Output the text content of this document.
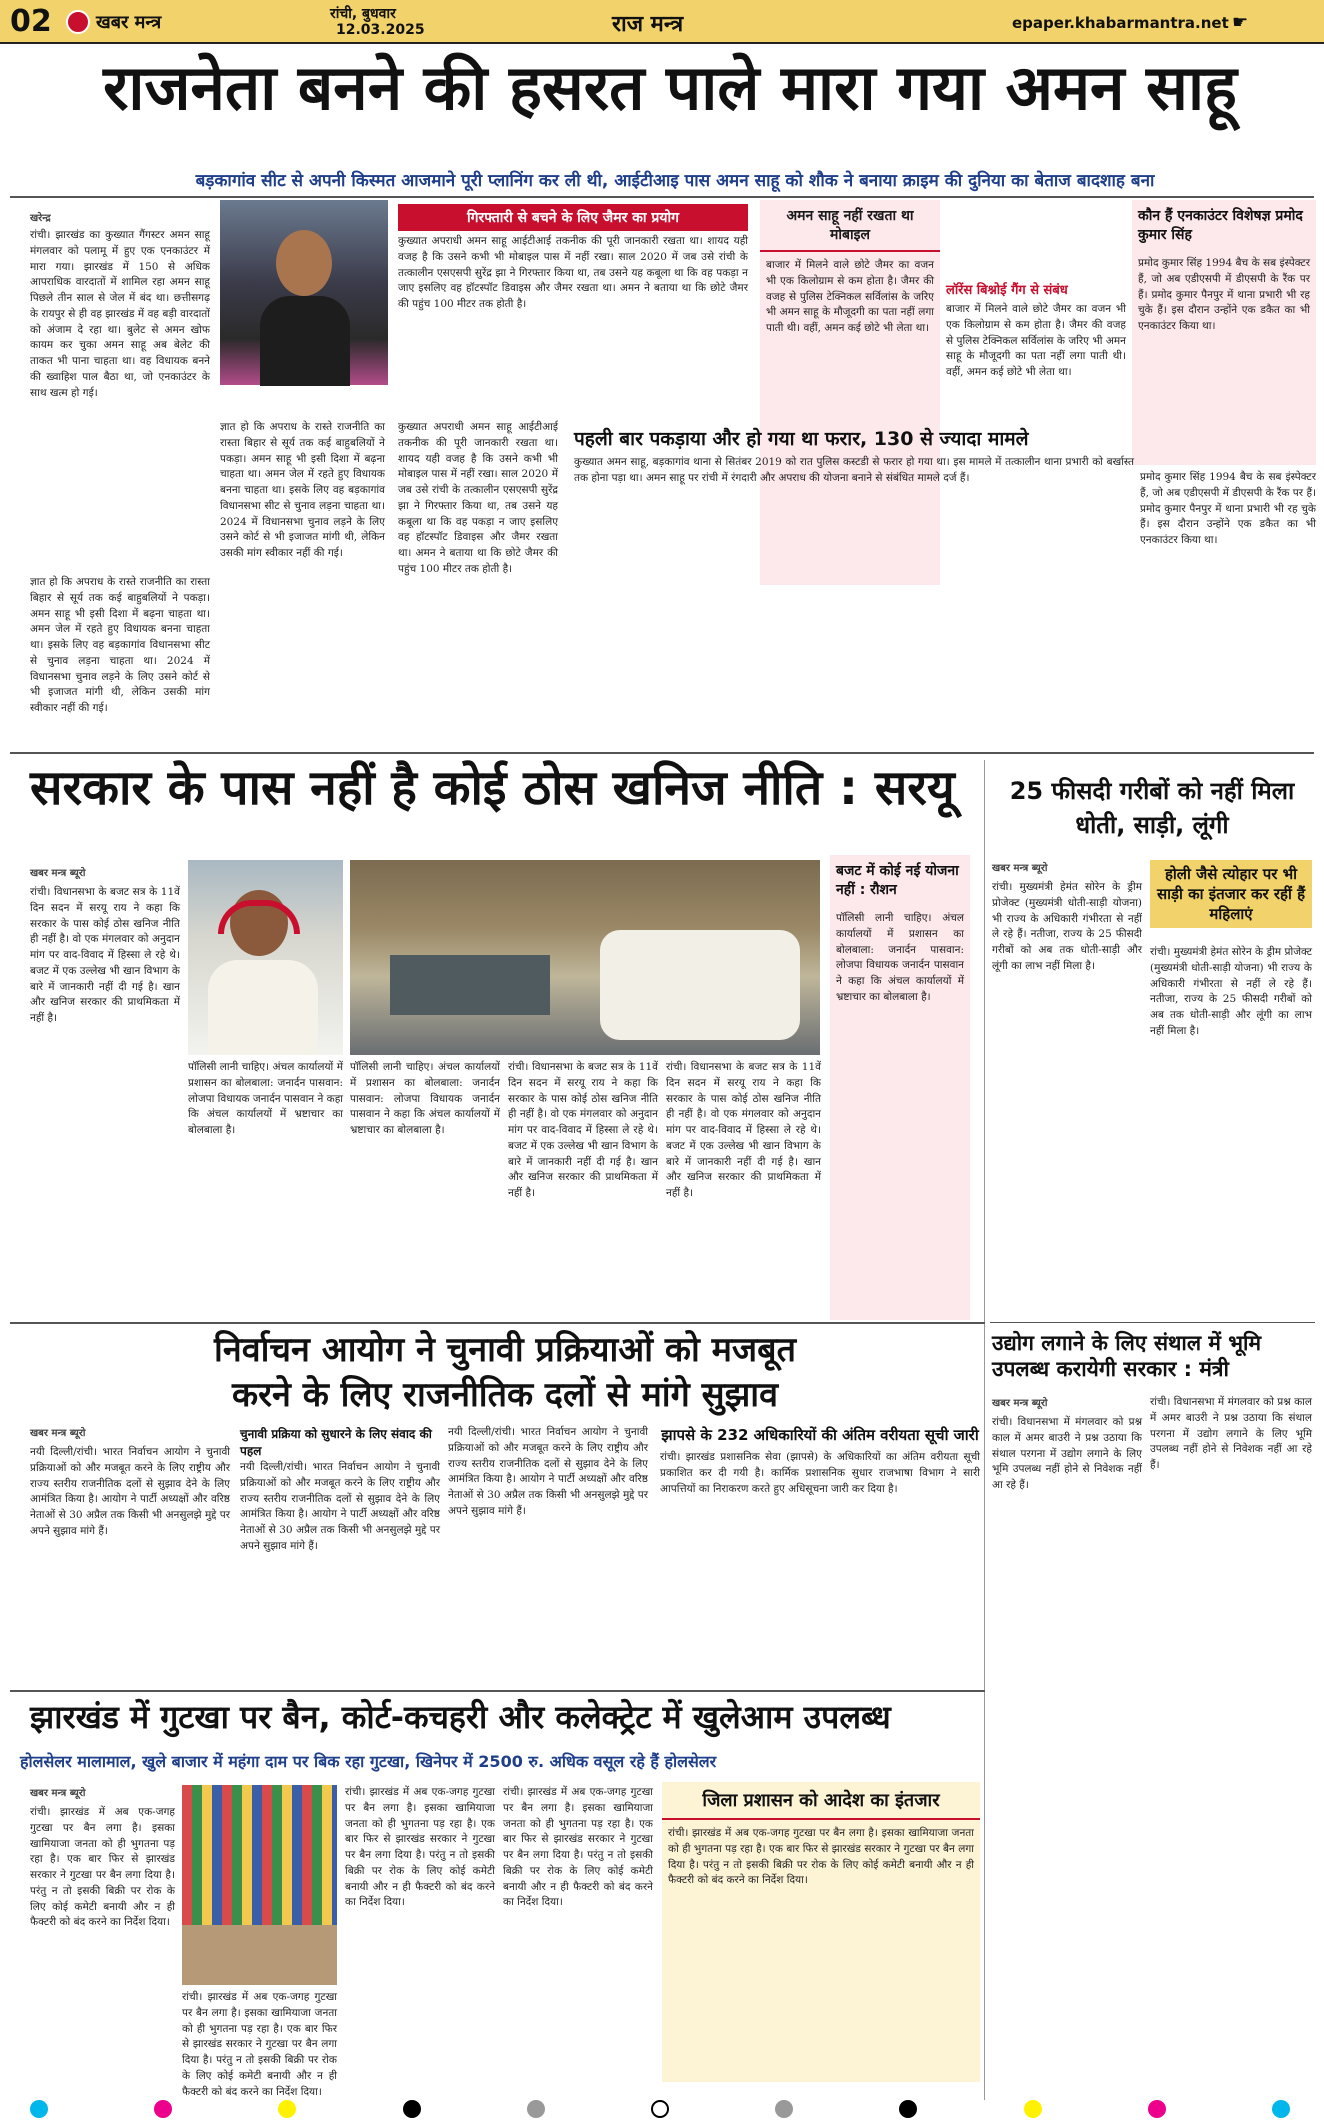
02 खबर मन्त्र	रांची, बुधवार
12.03.2025	राज मन्त्र	epaper.khabarmantra.net ☛
राजनेता बनने की हसरत पाले मारा गया अमन साहू
बड़कागांव सीट से अपनी किस्मत आजमाने पूरी प्लानिंग कर ली थी, आईटीआइ पास अमन साहू को शौक ने बनाया क्राइम की दुनिया का बेताज बादशाह बना
खरेन्द्र
रांची। झारखंड का कुख्यात गैंगस्टर अमन साहू मंगलवार को पलामू में हुए एक एनकाउंटर में मारा गया। झारखंड में 150 से अधिक आपराधिक वारदातों में शामिल रहा अमन साहू पिछले तीन साल से जेल में बंद था। छत्तीसगढ़ के रायपुर से ही वह झारखंड में वह बड़ी वारदातों को अंजाम दे रहा था। बुलेट से अमन खोफ कायम कर चुका अमन साहू अब बेलेट की ताकत भी पाना चाहता था। वह विधायक बनने की ख्वाहिश पाल बैठा था, जो एनकाउंटर के साथ खत्म हो गई।
गिरफ्तारी से बचने के लिए जैमर का प्रयोग
कुख्यात अपराधी अमन साहू आईटीआई तकनीक की पूरी जानकारी रखता था। शायद यही वजह है कि उसने कभी भी मोबाइल पास में नहीं रखा। साल 2020 में जब उसे रांची के तत्कालीन एसएसपी सुरेंद्र झा ने गिरफ्तार किया था, तब उसने यह कबूला था कि वह पकड़ा न जाए इसलिए वह हॉटस्पॉट डिवाइस और जैमर रखता था। अमन ने बताया था कि छोटे जैमर की पहुंच 100 मीटर तक होती है।
अमन साहू नहीं रखता था मोबाइल
बाजार में मिलने वाले छोटे जैमर का वजन भी एक किलोग्राम से कम होता है। जैमर की वजह से पुलिस टेक्निकल सर्विलांस के जरिए भी अमन साहू के मौजूदगी का पता नहीं लगा पाती थी। वहीं, अमन कई छोटे भी लेता था।
लॉरेंस बिश्नोई गैंग से संबंध
बाजार में मिलने वाले छोटे जैमर का वजन भी एक किलोग्राम से कम होता है। जैमर की वजह से पुलिस टेक्निकल सर्विलांस के जरिए भी अमन साहू के मौजूदगी का पता नहीं लगा पाती थी। वहीं, अमन कई छोटे भी लेता था।
कौन हैं एनकाउंटर विशेषज्ञ प्रमोद कुमार सिंह
प्रमोद कुमार सिंह 1994 बैच के सब इंस्पेक्टर हैं, जो अब एडीएसपी में डीएसपी के रैंक पर हैं। प्रमोद कुमार पैनपुर में थाना प्रभारी भी रह चुके हैं। इस दौरान उन्होंने एक डकैत का भी एनकाउंटर किया था।
ज्ञात हो कि अपराध के रास्ते राजनीति का रास्ता बिहार से सूर्य तक कई बाहुबलियों ने पकड़ा। अमन साहू भी इसी दिशा में बढ़ना चाहता था। अमन जेल में रहते हुए विधायक बनना चाहता था। इसके लिए वह बड़कागांव विधानसभा सीट से चुनाव लड़ना चाहता था। 2024 में विधानसभा चुनाव लड़ने के लिए उसने कोर्ट से भी इजाजत मांगी थी, लेकिन उसकी मांग स्वीकार नहीं की गई।
ज्ञात हो कि अपराध के रास्ते राजनीति का रास्ता बिहार से सूर्य तक कई बाहुबलियों ने पकड़ा। अमन साहू भी इसी दिशा में बढ़ना चाहता था। अमन जेल में रहते हुए विधायक बनना चाहता था। इसके लिए वह बड़कागांव विधानसभा सीट से चुनाव लड़ना चाहता था। 2024 में विधानसभा चुनाव लड़ने के लिए उसने कोर्ट से भी इजाजत मांगी थी, लेकिन उसकी मांग स्वीकार नहीं की गई।
कुख्यात अपराधी अमन साहू आईटीआई तकनीक की पूरी जानकारी रखता था। शायद यही वजह है कि उसने कभी भी मोबाइल पास में नहीं रखा। साल 2020 में जब उसे रांची के तत्कालीन एसएसपी सुरेंद्र झा ने गिरफ्तार किया था, तब उसने यह कबूला था कि वह पकड़ा न जाए इसलिए वह हॉटस्पॉट डिवाइस और जैमर रखता था। अमन ने बताया था कि छोटे जैमर की पहुंच 100 मीटर तक होती है।
पहली बार पकड़ाया और हो गया था फरार, 130 से ज्यादा मामले
कुख्यात अमन साहू, बड़कागांव थाना से सितंबर 2019 को रात पुलिस कस्टडी से फरार हो गया था। इस मामले में तत्कालीन थाना प्रभारी को बर्खास्त तक होना पड़ा था। अमन साहू पर रांची में रंगदारी और अपराध की योजना बनाने से संबंधित मामले दर्ज हैं।	प्रमोद कुमार सिंह 1994 बैच के सब इंस्पेक्टर हैं, जो अब एडीएसपी में डीएसपी के रैंक पर हैं। प्रमोद कुमार पैनपुर में थाना प्रभारी भी रह चुके हैं। इस दौरान उन्होंने एक डकैत का भी एनकाउंटर किया था।
सरकार के पास नहीं है कोई ठोस खनिज नीति : सरयू
खबर मन्त्र ब्यूरो
रांची। विधानसभा के बजट सत्र के 11वें दिन सदन में सरयू राय ने कहा कि सरकार के पास कोई ठोस खनिज नीति ही नहीं है। वो एक मंगलवार को अनुदान मांग पर वाद-विवाद में हिस्सा ले रहे थे। बजट में एक उल्लेख भी खान विभाग के बारे में जानकारी नहीं दी गई है। खान और खनिज सरकार की प्राथमिकता में नहीं है।
बजट में कोई नई योजना नहीं : रौशन
पॉलिसी लानी चाहिए। अंचल कार्यालयों में प्रशासन का बोलबाला: जनार्दन पासवान: लोजपा विधायक जनार्दन पासवान ने कहा कि अंचल कार्यालयों में भ्रष्टाचार का बोलबाला है।
पॉलिसी लानी चाहिए। अंचल कार्यालयों में प्रशासन का बोलबाला: जनार्दन पासवान: लोजपा विधायक जनार्दन पासवान ने कहा कि अंचल कार्यालयों में भ्रष्टाचार का बोलबाला है।
पॉलिसी लानी चाहिए। अंचल कार्यालयों में प्रशासन का बोलबाला: जनार्दन पासवान: लोजपा विधायक जनार्दन पासवान ने कहा कि अंचल कार्यालयों में भ्रष्टाचार का बोलबाला है।
रांची। विधानसभा के बजट सत्र के 11वें दिन सदन में सरयू राय ने कहा कि सरकार के पास कोई ठोस खनिज नीति ही नहीं है। वो एक मंगलवार को अनुदान मांग पर वाद-विवाद में हिस्सा ले रहे थे। बजट में एक उल्लेख भी खान विभाग के बारे में जानकारी नहीं दी गई है। खान और खनिज सरकार की प्राथमिकता में नहीं है।
रांची। विधानसभा के बजट सत्र के 11वें दिन सदन में सरयू राय ने कहा कि सरकार के पास कोई ठोस खनिज नीति ही नहीं है। वो एक मंगलवार को अनुदान मांग पर वाद-विवाद में हिस्सा ले रहे थे। बजट में एक उल्लेख भी खान विभाग के बारे में जानकारी नहीं दी गई है। खान और खनिज सरकार की प्राथमिकता में नहीं है।
25 फीसदी गरीबों को नहीं मिला धोती, साड़ी, लूंगी
खबर मन्त्र ब्यूरो
रांची। मुख्यमंत्री हेमंत सोरेन के ड्रीम प्रोजेक्ट (मुख्यमंत्री धोती-साड़ी योजना) भी राज्य के अधिकारी गंभीरता से नहीं ले रहे हैं। नतीजा, राज्य के 25 फीसदी गरीबों को अब तक धोती-साड़ी और लूंगी का लाभ नहीं मिला है।
होली जैसे त्योहार पर भी साड़ी का इंतजार कर रहीं हैं महिलाएं
रांची। मुख्यमंत्री हेमंत सोरेन के ड्रीम प्रोजेक्ट (मुख्यमंत्री धोती-साड़ी योजना) भी राज्य के अधिकारी गंभीरता से नहीं ले रहे हैं। नतीजा, राज्य के 25 फीसदी गरीबों को अब तक धोती-साड़ी और लूंगी का लाभ नहीं मिला है।
उद्योग लगाने के लिए संथाल में भूमि उपलब्ध करायेगी सरकार : मंत्री
खबर मन्त्र ब्यूरो
रांची। विधानसभा में मंगलवार को प्रश्न काल में अमर बाउरी ने प्रश्न उठाया कि संथाल परगना में उद्योग लगाने के लिए भूमि उपलब्ध नहीं होने से निवेशक नहीं आ रहे हैं।
रांची। विधानसभा में मंगलवार को प्रश्न काल में अमर बाउरी ने प्रश्न उठाया कि संथाल परगना में उद्योग लगाने के लिए भूमि उपलब्ध नहीं होने से निवेशक नहीं आ रहे हैं।
निर्वाचन आयोग ने चुनावी प्रक्रियाओं को मजबूत
करने के लिए राजनीतिक दलों से मांगे सुझाव
खबर मन्त्र ब्यूरो
नयी दिल्ली/रांची। भारत निर्वाचन आयोग ने चुनावी प्रक्रियाओं को और मजबूत करने के लिए राष्ट्रीय और राज्य स्तरीय राजनीतिक दलों से सुझाव देने के लिए आमंत्रित किया है। आयोग ने पार्टी अध्यक्षों और वरिष्ठ नेताओं से 30 अप्रैल तक किसी भी अनसुलझे मुद्दे पर अपने सुझाव मांगे हैं।
चुनावी प्रक्रिया को सुधारने के लिए संवाद की पहल
नयी दिल्ली/रांची। भारत निर्वाचन आयोग ने चुनावी प्रक्रियाओं को और मजबूत करने के लिए राष्ट्रीय और राज्य स्तरीय राजनीतिक दलों से सुझाव देने के लिए आमंत्रित किया है। आयोग ने पार्टी अध्यक्षों और वरिष्ठ नेताओं से 30 अप्रैल तक किसी भी अनसुलझे मुद्दे पर अपने सुझाव मांगे हैं।
नयी दिल्ली/रांची। भारत निर्वाचन आयोग ने चुनावी प्रक्रियाओं को और मजबूत करने के लिए राष्ट्रीय और राज्य स्तरीय राजनीतिक दलों से सुझाव देने के लिए आमंत्रित किया है। आयोग ने पार्टी अध्यक्षों और वरिष्ठ नेताओं से 30 अप्रैल तक किसी भी अनसुलझे मुद्दे पर अपने सुझाव मांगे हैं।
झापसे के 232 अधिकारियों की अंतिम वरीयता सूची जारी
रांची। झारखंड प्रशासनिक सेवा (झापसे) के अधिकारियों का अंतिम वरीयता सूची प्रकाशित कर दी गयी है। कार्मिक प्रशासनिक सुधार राजभाषा विभाग ने सारी आपत्तियों का निराकरण करते हुए अधिसूचना जारी कर दिया है।
झारखंड में गुटखा पर बैन, कोर्ट-कचहरी और कलेक्ट्रेट में खुलेआम उपलब्ध
होलसेलर मालामाल, खुले बाजार में महंगा दाम पर बिक रहा गुटखा, खिनेपर में 2500 रु. अधिक वसूल रहे हैं होलसेलर
खबर मन्त्र ब्यूरो
रांची। झारखंड में अब एक-जगह गुटखा पर बैन लगा है। इसका खामियाजा जनता को ही भुगतना पड़ रहा है। एक बार फिर से झारखंड सरकार ने गुटखा पर बैन लगा दिया है। परंतु न तो इसकी बिक्री पर रोक के लिए कोई कमेटी बनायी और न ही फैक्टरी को बंद करने का निर्देश दिया।
रांची। झारखंड में अब एक-जगह गुटखा पर बैन लगा है। इसका खामियाजा जनता को ही भुगतना पड़ रहा है। एक बार फिर से झारखंड सरकार ने गुटखा पर बैन लगा दिया है। परंतु न तो इसकी बिक्री पर रोक के लिए कोई कमेटी बनायी और न ही फैक्टरी को बंद करने का निर्देश दिया।
रांची। झारखंड में अब एक-जगह गुटखा पर बैन लगा है। इसका खामियाजा जनता को ही भुगतना पड़ रहा है। एक बार फिर से झारखंड सरकार ने गुटखा पर बैन लगा दिया है। परंतु न तो इसकी बिक्री पर रोक के लिए कोई कमेटी बनायी और न ही फैक्टरी को बंद करने का निर्देश दिया।
रांची। झारखंड में अब एक-जगह गुटखा पर बैन लगा है। इसका खामियाजा जनता को ही भुगतना पड़ रहा है। एक बार फिर से झारखंड सरकार ने गुटखा पर बैन लगा दिया है। परंतु न तो इसकी बिक्री पर रोक के लिए कोई कमेटी बनायी और न ही फैक्टरी को बंद करने का निर्देश दिया।
जिला प्रशासन को आदेश का इंतजार
रांची। झारखंड में अब एक-जगह गुटखा पर बैन लगा है। इसका खामियाजा जनता को ही भुगतना पड़ रहा है। एक बार फिर से झारखंड सरकार ने गुटखा पर बैन लगा दिया है। परंतु न तो इसकी बिक्री पर रोक के लिए कोई कमेटी बनायी और न ही फैक्टरी को बंद करने का निर्देश दिया।
